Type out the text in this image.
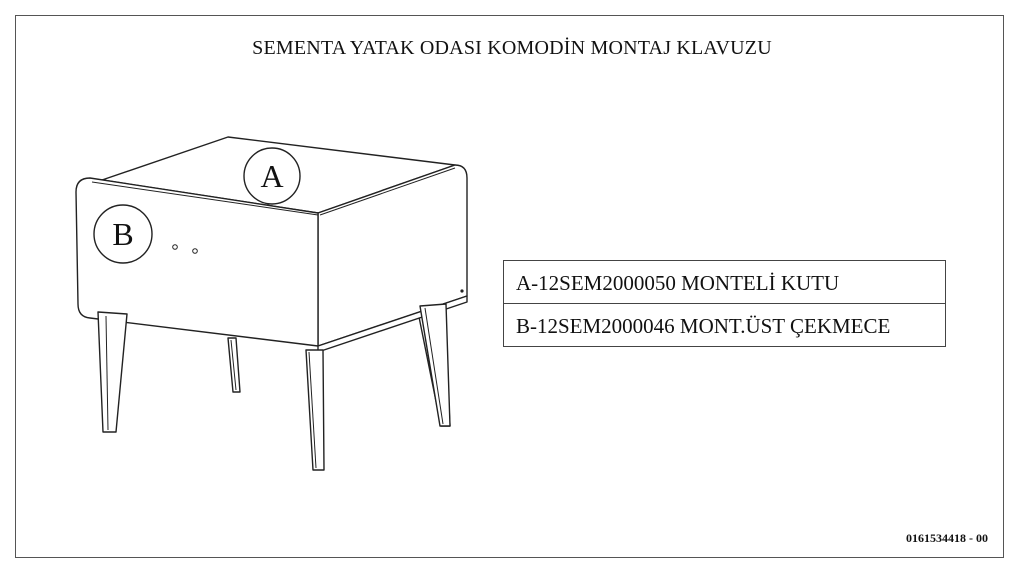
SEMENTA YATAK ODASI KOMODİN MONTAJ KLAVUZU
A
B
A-12SEM2000050 MONTELİ KUTU
B-12SEM2000046 MONT.ÜST ÇEKMECE
0161534418 - 00
